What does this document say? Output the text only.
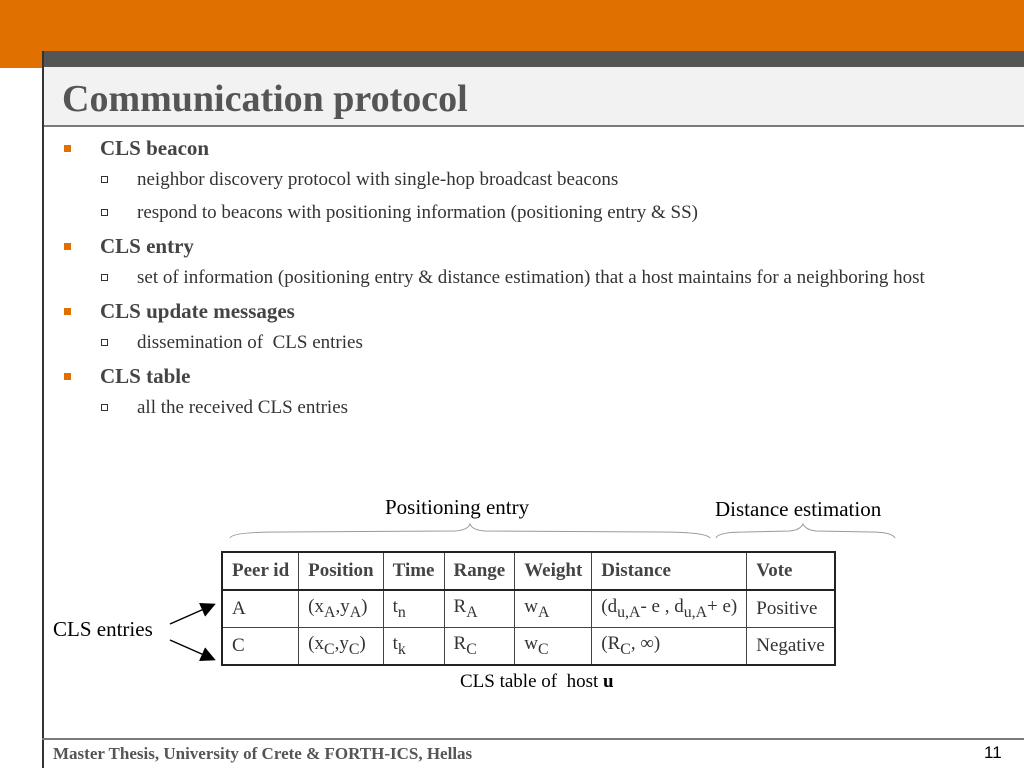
Communication protocol
CLS beacon
neighbor discovery protocol with single-hop broadcast beacons
respond to beacons with positioning information (positioning entry & SS)
CLS entry
set of information (positioning entry & distance estimation) that a host maintains for a neighboring host
CLS update messages
dissemination of  CLS entries
CLS table
all the received CLS entries
Positioning entry	Distance estimation
CLS entries
Peer id	Position	Time	Range	Weight	Distance	Vote
A	$(x_A,y_A)$	$t_n$	$R_A$	$w_A$	($d_{u,A}-$ e , $d_{u,A}+ e$)	Positive
C	$(x_C,y_C)$	$t_k$	$R_C$	$w_C$	($R_C$, ∞)	Negative
CLS table of  host u
Master Thesis, University of Crete & FORTH-ICS, Hellas	11
